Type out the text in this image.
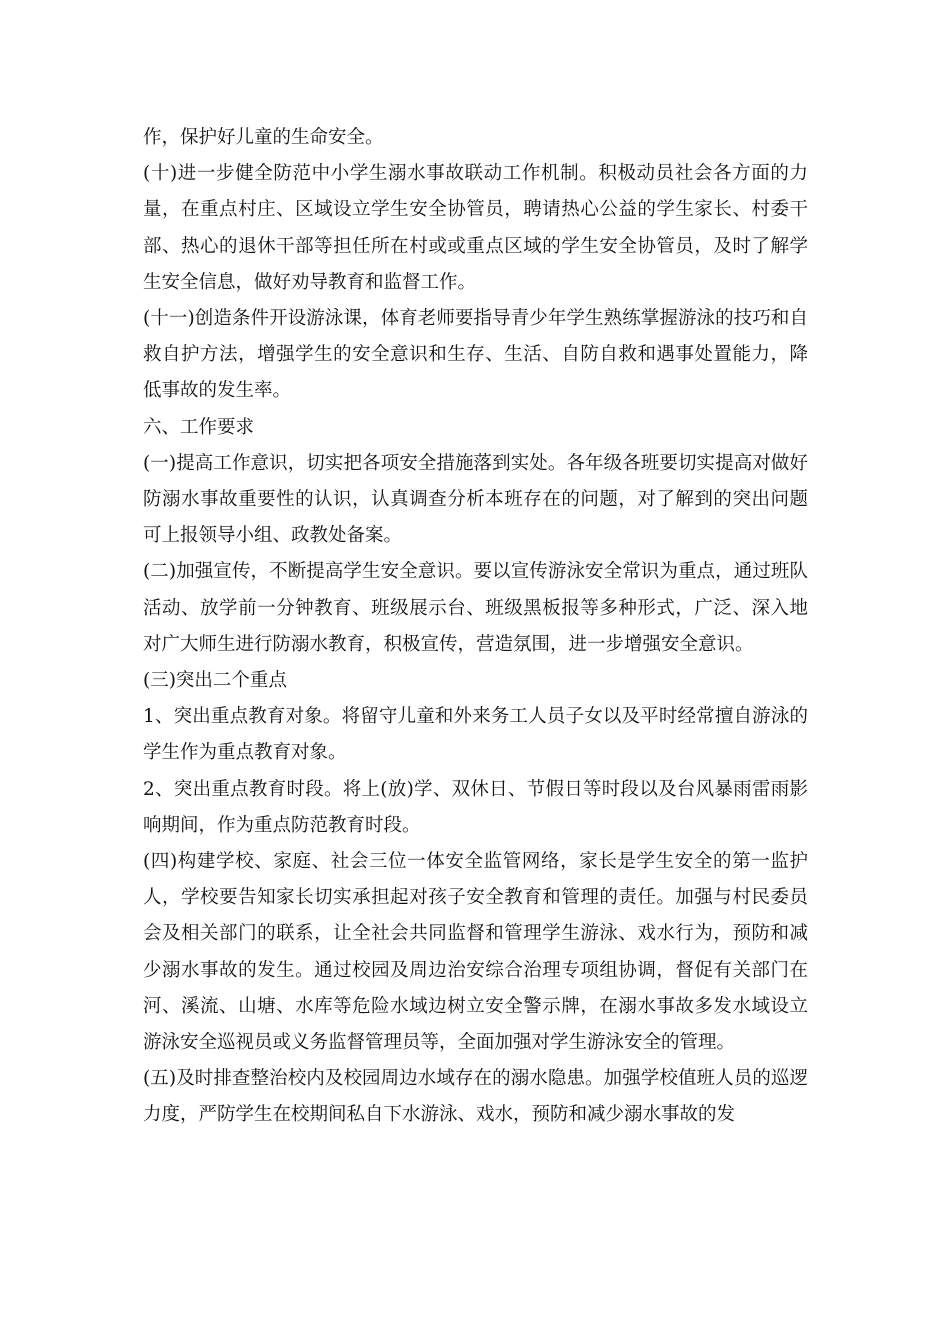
作，保护好儿童的生命安全。

(十)进一步健全防范中小学生溺水事故联动工作机制。积极动员社会各方面的力量，在重点村庄、区域设立学生安全协管员，聘请热心公益的学生家长、村委干部、热心的退休干部等担任所在村或或重点区域的学生安全协管员，及时了解学生安全信息，做好劝导教育和监督工作。

(十一)创造条件开设游泳课，体育老师要指导青少年学生熟练掌握游泳的技巧和自救自护方法，增强学生的安全意识和生存、生活、自防自救和遇事处置能力，降低事故的发生率。

六、工作要求

(一)提高工作意识，切实把各项安全措施落到实处。各年级各班要切实提高对做好防溺水事故重要性的认识，认真调查分析本班存在的问题，对了解到的突出问题可上报领导小组、政教处备案。

(二)加强宣传，不断提高学生安全意识。要以宣传游泳安全常识为重点，通过班队活动、放学前一分钟教育、班级展示台、班级黑板报等多种形式，广泛、深入地对广大师生进行防溺水教育，积极宣传，营造氛围，进一步增强安全意识。

(三)突出二个重点

1、突出重点教育对象。将留守儿童和外来务工人员子女以及平时经常擅自游泳的学生作为重点教育对象。

2、突出重点教育时段。将上(放)学、双休日、节假日等时段以及台风暴雨雷雨影响期间，作为重点防范教育时段。

(四)构建学校、家庭、社会三位一体安全监管网络，家长是学生安全的第一监护人，学校要告知家长切实承担起对孩子安全教育和管理的责任。加强与村民委员会及相关部门的联系，让全社会共同监督和管理学生游泳、戏水行为，预防和减少溺水事故的发生。通过校园及周边治安综合治理专项组协调，督促有关部门在河、溪流、山塘、水库等危险水域边树立安全警示牌，在溺水事故多发水域设立游泳安全巡视员或义务监督管理员等，全面加强对学生游泳安全的管理。

(五)及时排查整治校内及校园周边水域存在的溺水隐患。加强学校值班人员的巡逻力度，严防学生在校期间私自下水游泳、戏水，预防和减少溺水事故的发
